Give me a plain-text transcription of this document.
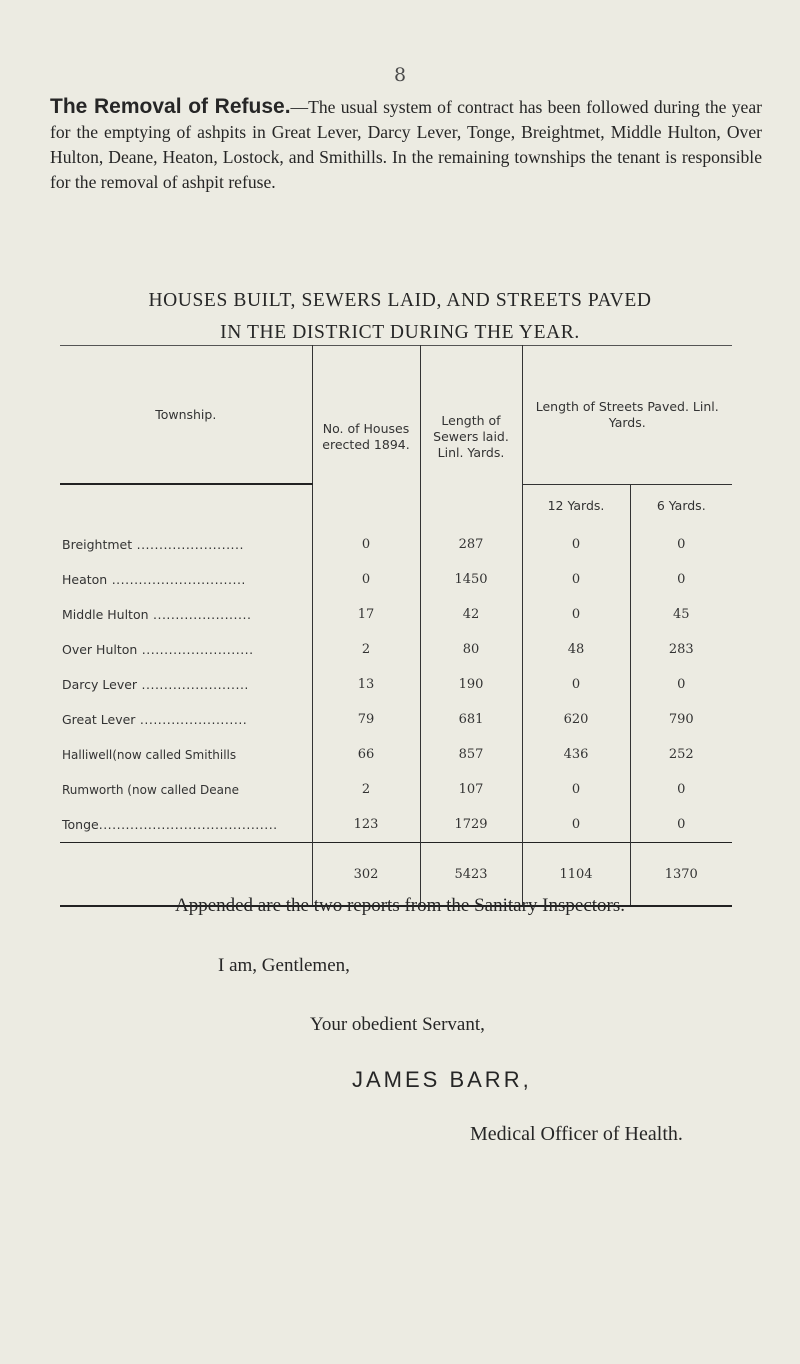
8
The Removal of Refuse.—The usual system of contract has been followed during the year for the emptying of ashpits in Great Lever, Darcy Lever, Tonge, Breightmet, Middle Hulton, Over Hulton, Deane, Heaton, Lostock, and Smithills. In the remaining townships the tenant is responsible for the removal of ashpit refuse.
HOUSES BUILT, SEWERS LAID, AND STREETS PAVED
IN THE DISTRICT DURING THE YEAR.
Township.	No. of Houses erected 1894.	Length of Sewers laid. Linl. Yards.	Length of Streets Paved. Linl. Yards.	
			12 Yards.	6 Yards.
Breightmet ........................	0	287	0	0
Heaton ..............................	0	1450	0	0
Middle Hulton ......................	17	42	0	45
Over Hulton .........................	2	80	48	283
Darcy Lever ........................	13	190	0	0
Great Lever ........................	79	681	620	790
Halliwell(now called Smithills	66	857	436	252
Rumworth (now called Deane	2	107	0	0
Tonge........................................	123	1729	0	0
	302	5423	1104	1370
Appended are the two reports from the Sanitary Inspectors.
I am, Gentlemen,
Your obedient Servant,
JAMES BARR,
Medical Officer of Health.
